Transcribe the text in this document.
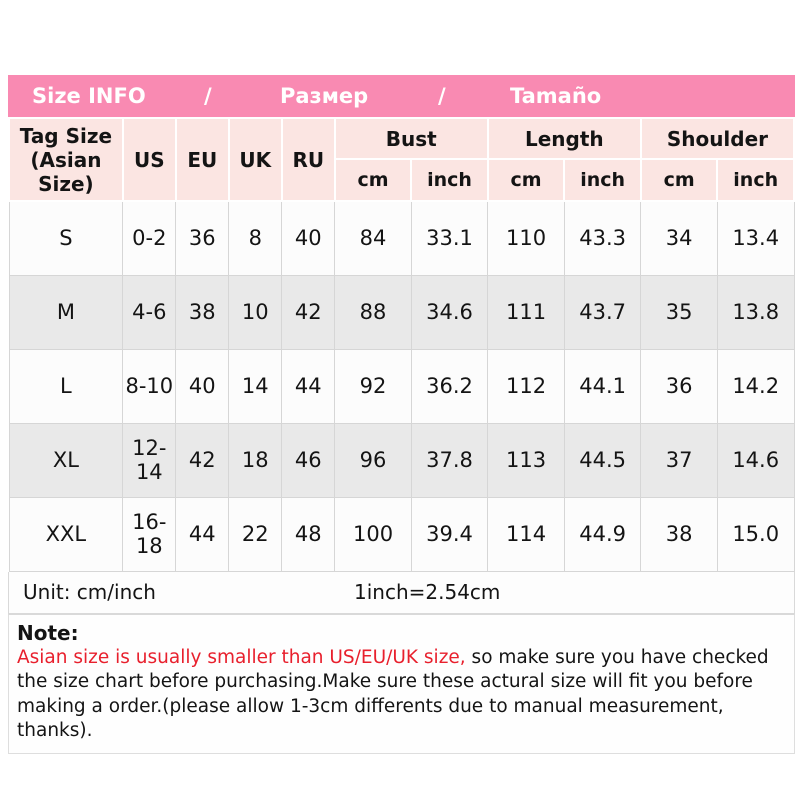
Size INFO	/	Размер	/	Tamaño
Tag Size
(Asian Size)	US	EU	UK	RU	Bust		Length		Shoulder	
					cm	inch	cm	inch	cm	inch
S	0-2	36	8	40	84	33.1	110	43.3	34	13.4
M	4-6	38	10	42	88	34.6	111	43.7	35	13.8
L	8-10	40	14	44	92	36.2	112	44.1	36	14.2
XL	12-14	42	18	46	96	37.8	113	44.5	37	14.6
XXL	16-18	44	22	48	100	39.4	114	44.9	38	15.0
Unit: cm/inch	1inch=2.54cm
Note:
Asian size is usually smaller than US/EU/UK size, so make sure you have checked the size chart before purchasing.Make sure these actural size will fit you before making a order.(please allow 1-3cm differents due to manual measurement, thanks).
